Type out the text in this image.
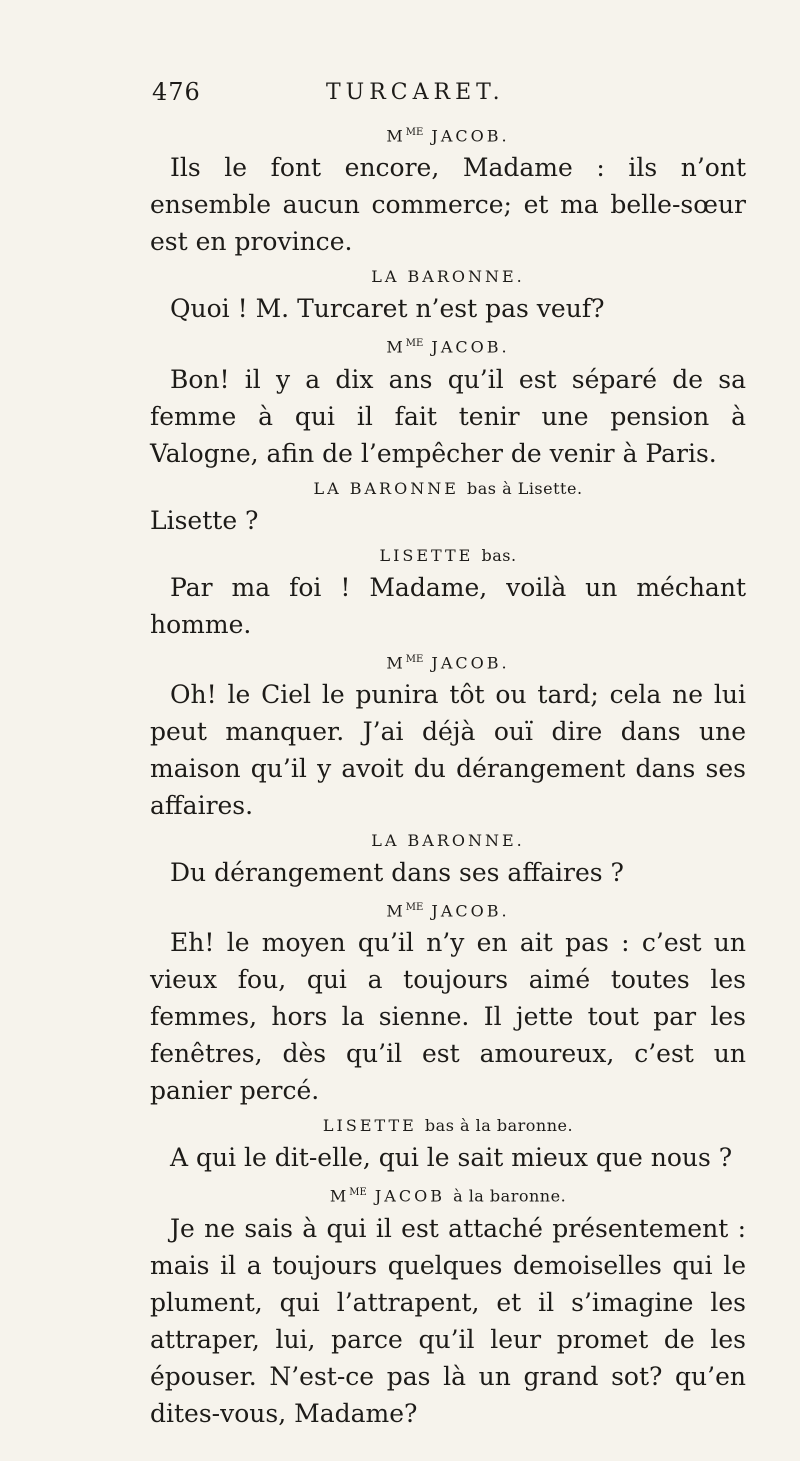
476	TURCARET.
$M^{ME}$ JACOB.

Ils le font encore, Madame : ils n’ont ensemble aucun commerce; et ma belle-sœur est en province.

LA BARONNE.

Quoi ! M. Turcaret n’est pas veuf?

$M^{ME}$ JACOB.

Bon! il y a dix ans qu’il est séparé de sa femme à qui il fait tenir une pension à Valogne, afin de l’empêcher de venir à Paris.

LA BARONNE bas à Lisette.

Lisette ?

LISETTE bas.

Par ma foi ! Madame, voilà un méchant homme.

$M^{ME}$ JACOB.

Oh! le Ciel le punira tôt ou tard; cela ne lui peut manquer. J’ai déjà ouï dire dans une maison qu’il y avoit du dérangement dans ses affaires.

LA BARONNE.

Du dérangement dans ses affaires ?

$M^{ME}$ JACOB.

Eh! le moyen qu’il n’y en ait pas : c’est un vieux fou, qui a toujours aimé toutes les femmes, hors la sienne. Il jette tout par les fenêtres, dès qu’il est amoureux, c’est un panier percé.

LISETTE bas à la baronne.

A qui le dit-elle, qui le sait mieux que nous ?

$M^{ME}$ JACOB à la baronne.

Je ne sais à qui il est attaché présentement : mais il a toujours quelques demoiselles qui le plument, qui l’attrapent, et il s’imagine les attraper, lui, parce qu’il leur promet de les épouser. N’est-ce pas là un grand sot? qu’en dites-vous, Madame?
